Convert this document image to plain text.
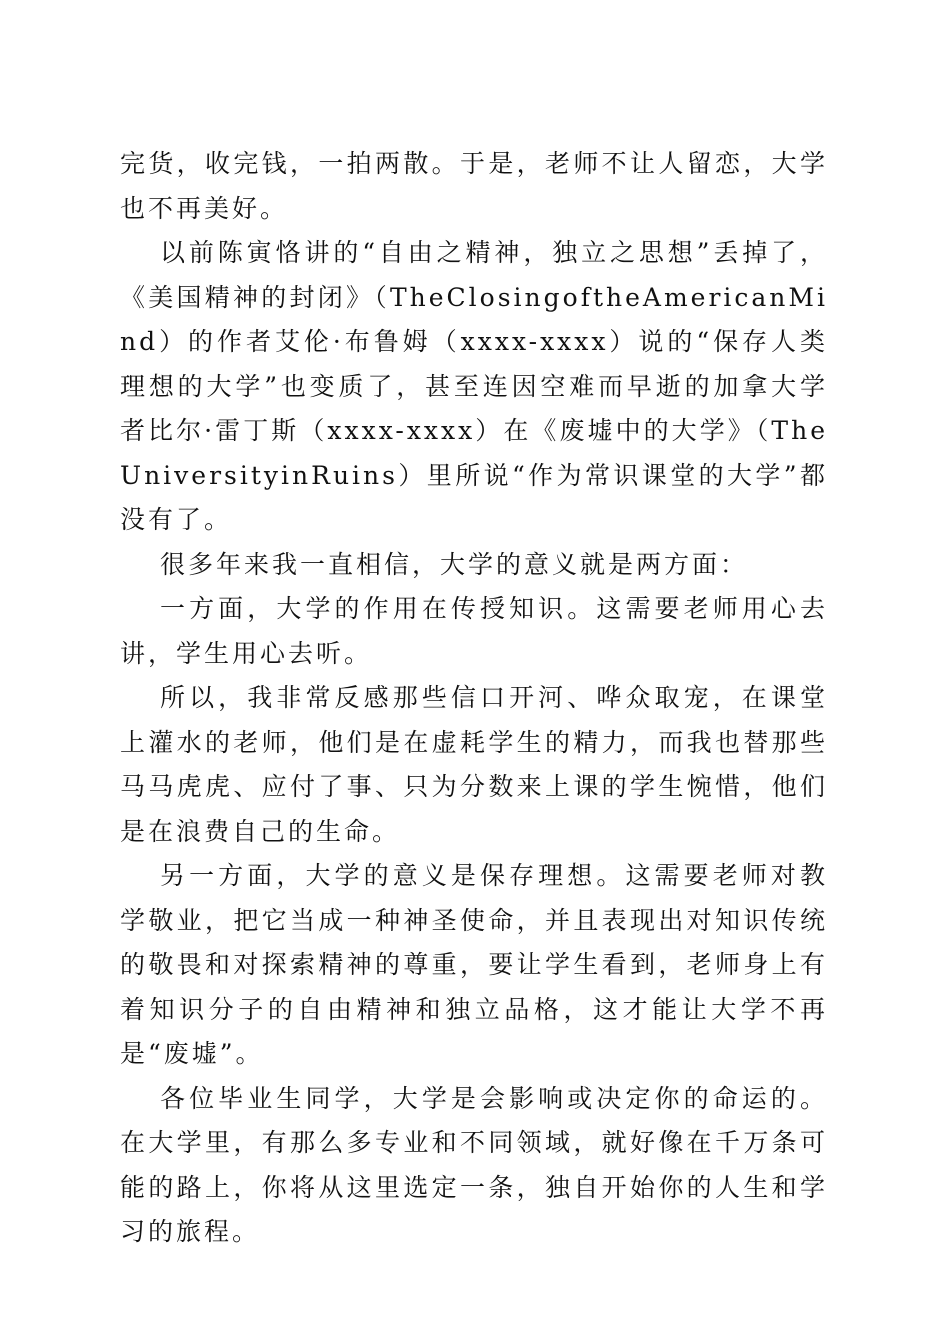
完货，收完钱，一拍两散。于是，老师不让人留恋，大学也不再美好。

以前陈寅恪讲的“自由之精神，独立之思想”丢掉了，《美国精神的封闭》（TheClosingoftheAmericanMind）的作者艾伦·布鲁姆（xxxx-xxxx）说的“保存人类理想的大学”也变质了，甚至连因空难而早逝的加拿大学者比尔·雷丁斯（xxxx-xxxx）在《废墟中的大学》（TheUniversityinRuins）里所说“作为常识课堂的大学”都没有了。

很多年来我一直相信，大学的意义就是两方面：

一方面，大学的作用在传授知识。这需要老师用心去讲，学生用心去听。

所以，我非常反感那些信口开河、哗众取宠，在课堂上灌水的老师，他们是在虚耗学生的精力，而我也替那些马马虎虎、应付了事、只为分数来上课的学生惋惜，他们是在浪费自己的生命。

另一方面，大学的意义是保存理想。这需要老师对教学敬业，把它当成一种神圣使命，并且表现出对知识传统的敬畏和对探索精神的尊重，要让学生看到，老师身上有着知识分子的自由精神和独立品格，这才能让大学不再是“废墟”。

各位毕业生同学，大学是会影响或决定你的命运的。在大学里，有那么多专业和不同领域，就好像在千万条可能的路上，你将从这里选定一条，独自开始你的人生和学习的旅程。
